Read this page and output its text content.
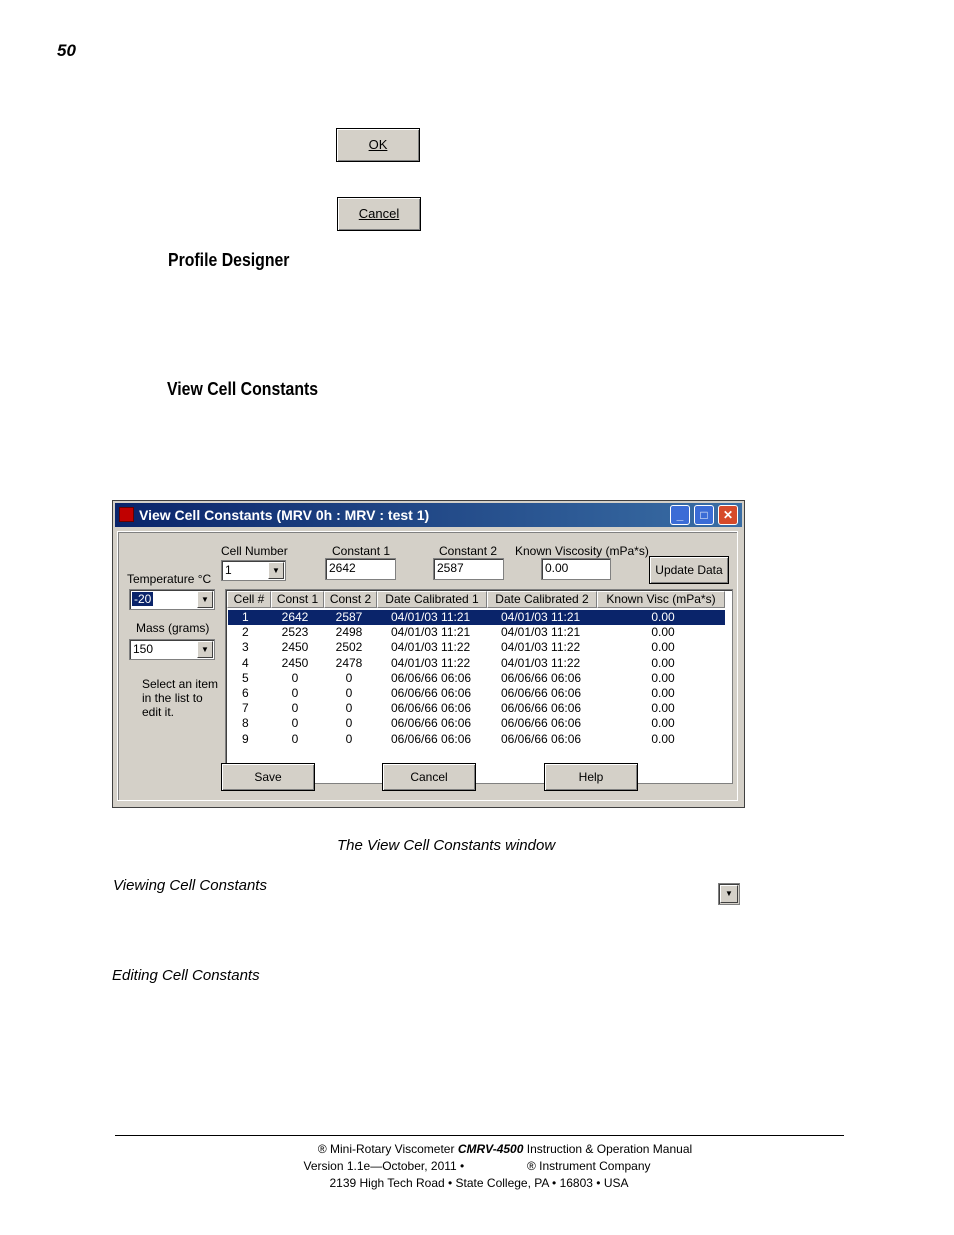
50
OK
Cancel
Profile Designer
View Cell Constants
View Cell Constants (MRV 0h : MRV : test 1)	_	□	✕
Cell Number	Constant 1	Constant 2 Known Viscosity (mPa*s)
1	▼	2642	2587	0.00	Update Data
Temperature °C
-20	▼
Mass (grams)
150	▼
Select an item
in the list to
edit it.
Cell #	Const 1 Const 2	Date Calibrated 1	Date Calibrated 2	Known Visc (mPa*s)
1	2642	2587	04/01/03 11:21	04/01/03 11:21	0.00
2	2523	2498	04/01/03 11:21	04/01/03 11:21	0.00
3	2450	2502	04/01/03 11:22	04/01/03 11:22	0.00
4	2450	2478	04/01/03 11:22	04/01/03 11:22	0.00
5	0	0	06/06/66 06:06	06/06/66 06:06	0.00
6	0	0	06/06/66 06:06	06/06/66 06:06	0.00
7	0	0	06/06/66 06:06	06/06/66 06:06	0.00
8	0	0	06/06/66 06:06	06/06/66 06:06	0.00
9	0	0	06/06/66 06:06	06/06/66 06:06	0.00
Save	Cancel	Help
The View Cell Constants window
Viewing Cell Constants	▼
Editing Cell Constants
® Mini-Rotary Viscometer CMRV-4500 Instruction & Operation Manual
Version 1.1e—October, 2011 •	® Instrument Company
2139 High Tech Road • State College, PA • 16803 • USA
